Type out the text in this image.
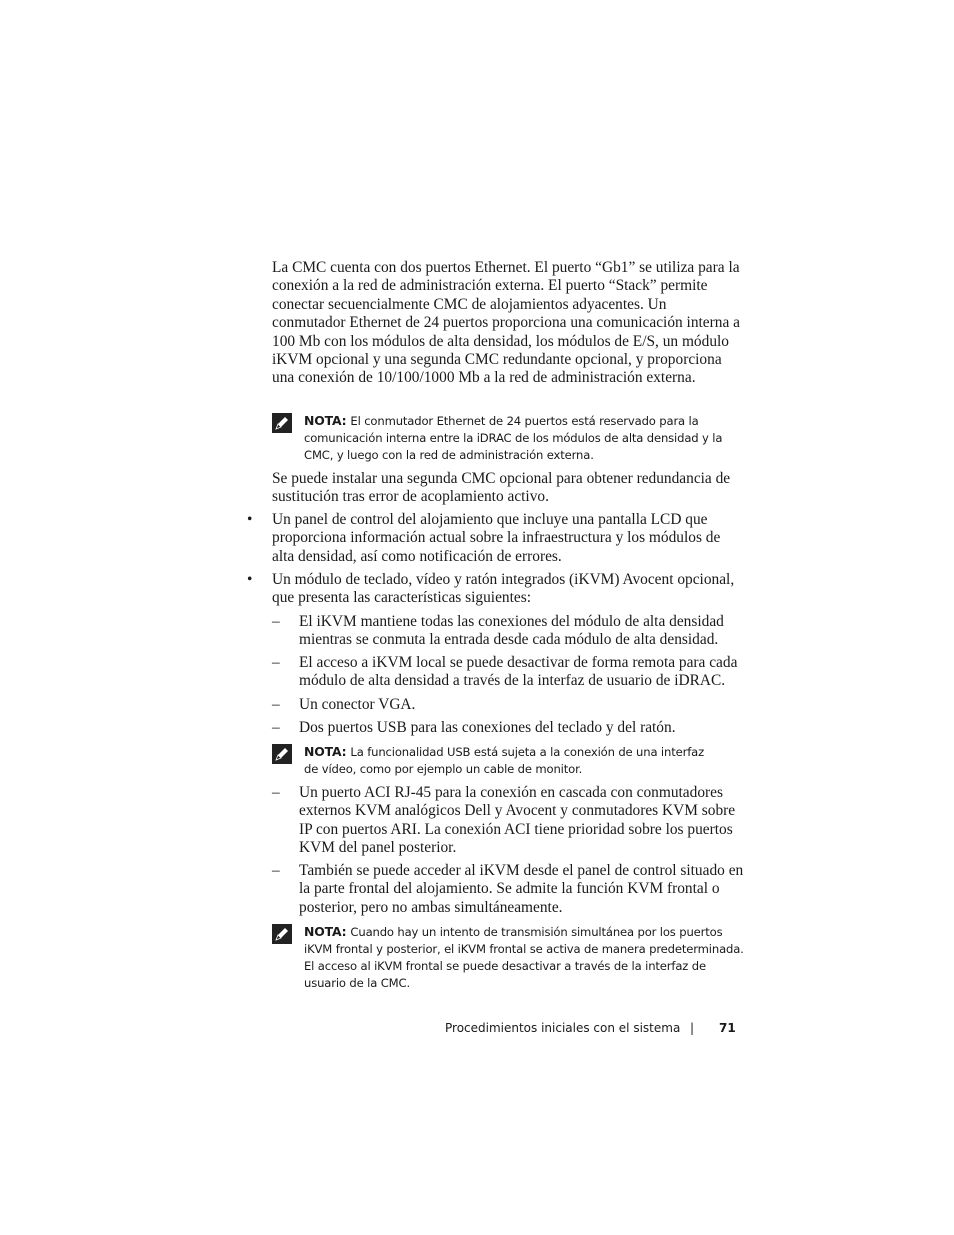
La CMC cuenta con dos puertos Ethernet. El puerto “Gb1” se utiliza para la conexión a la red de administración externa. El puerto “Stack” permite conectar secuencialmente CMC de alojamientos adyacentes. Un conmutador Ethernet de 24 puertos proporciona una comunicación interna a 100 Mb con los módulos de alta densidad, los módulos de E/S, un módulo iKVM opcional y una segunda CMC redundante opcional, y proporciona una conexión de 10/100/1000 Mb a la red de administración externa.
NOTA: El conmutador Ethernet de 24 puertos está reservado para la comunicación interna entre la iDRAC de los módulos de alta densidad y la CMC, y luego con la red de administración externa.
Se puede instalar una segunda CMC opcional para obtener redundancia de sustitución tras error de acoplamiento activo.
• Un panel de control del alojamiento que incluye una pantalla LCD que proporciona información actual sobre la infraestructura y los módulos de alta densidad, así como notificación de errores.
• Un módulo de teclado, vídeo y ratón integrados (iKVM) Avocent opcional, que presenta las características siguientes:
– El iKVM mantiene todas las conexiones del módulo de alta densidad mientras se conmuta la entrada desde cada módulo de alta densidad.
– El acceso a iKVM local se puede desactivar de forma remota para cada módulo de alta densidad a través de la interfaz de usuario de iDRAC.
– Un conector VGA.
– Dos puertos USB para las conexiones del teclado y del ratón.
NOTA: La funcionalidad USB está sujeta a la conexión de una interfaz de vídeo, como por ejemplo un cable de monitor.
– Un puerto ACI RJ-45 para la conexión en cascada con conmutadores externos KVM analógicos Dell y Avocent y conmutadores KVM sobre IP con puertos ARI. La conexión ACI tiene prioridad sobre los puertos KVM del panel posterior.
– También se puede acceder al iKVM desde el panel de control situado en la parte frontal del alojamiento. Se admite la función KVM frontal o posterior, pero no ambas simultáneamente.
NOTA: Cuando hay un intento de transmisión simultánea por los puertos iKVM frontal y posterior, el iKVM frontal se activa de manera predeterminada. El acceso al iKVM frontal se puede desactivar a través de la interfaz de usuario de la CMC.
Procedimientos iniciales con el sistema | 71
